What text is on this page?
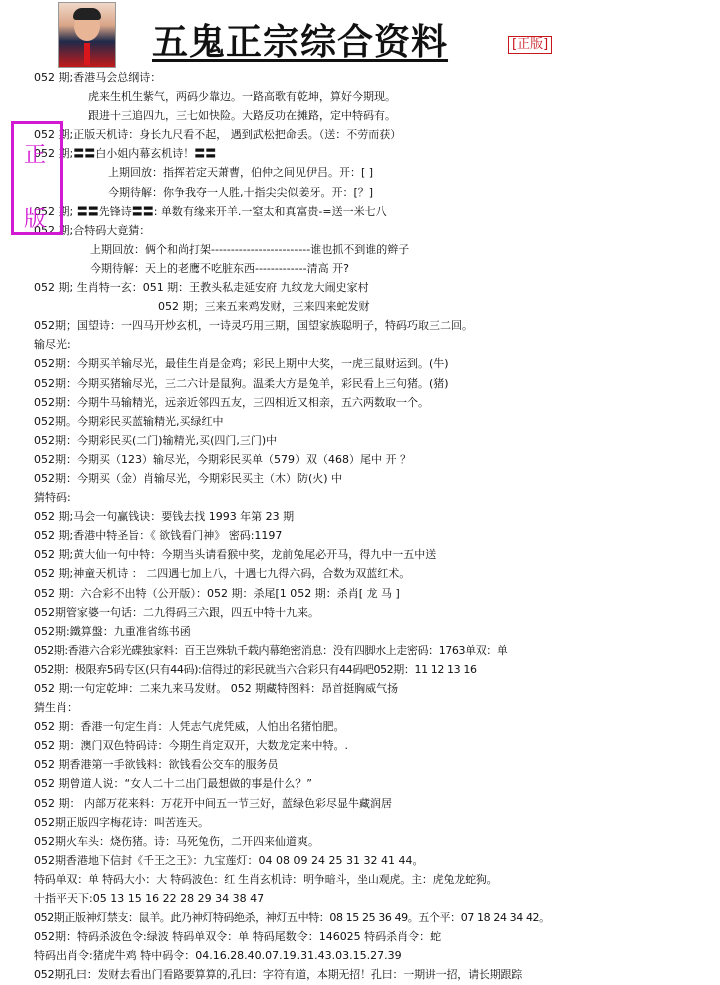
五鬼正宗综合资料	[正版]
052 期;香港马会总纲诗：
虎来生机生紫气，两码少靠边。一路高歌有乾坤，算好今期现。
跟进十三追四九，三七如快险。大路反功在摊路，定中特码有。
052 期;正版天机诗：身长九尺看不起， 遇到武松把命丢。（送：不劳而获）
052 期;〓〓白小姐内幕玄机诗！〓〓
上期回放：指挥若定天萧曹，伯仲之间见伊吕。开：[ ]
今期待解：你争我夺一人胜,十指尖尖似姜牙。开：[？]
052 期; 〓〓先锋诗〓〓: 单数有缘来开羊.一窒太和真富贵-=送一米七八
052 期;合特码大竟猜：
上期回放：俩个和尚打架-------------------------谁也抓不到谁的辫子
今期待解：天上的老鹰不吃脏东西-------------清高 开?
052 期; 生肖特一玄：051 期：王教头私走延安府 九纹龙大闹史家村
052 期；三来五来鸡发财，三来四来蛇发财
052期；国望诗：一四马开炒玄机，一诗灵巧用三期，国望家族聪明子，特码巧取三二回。
输尽光:
052期：今期买羊输尽光，最佳生肖是金鸡；彩民上期中大奖，一虎三鼠财运到。(牛)
052期：今期买猪输尽光，三二六计是鼠狗。温柔大方是兔羊，彩民看上三句猪。(猪)
052期：今期牛马输精光，远亲近邻四五友，三四相近又相亲，五六两数取一个。
052期。今期彩民买蓝输精光,买绿红中
052期：今期彩民买(二门)输精光,买(四门,三门)中
052期：今期买（123）输尽光，今期彩民买单（579）双（468）尾中 开 ？
052期：今期买（金）肖输尽光，今期彩民买主（木）防(火) 中
猜特码:
052 期;马会一句赢钱诀：要钱去找 1993 年第 23 期
052 期;香港中特圣旨：《 欲钱看门神》 密码:1197
052 期;黄大仙一句中特：今期当头请看猴中奖，龙前兔尾必开马，得九中一五中送
052 期;神童天机诗 ： 二四遇七加上八，十遇七九得六码，合数为双蓝红术。
052 期：六合彩不出特（公开版）：052 期：杀尾[1 052 期：杀肖[ 龙 马 ]
052期管家婆一句话：二九得码三六跟，四五中特十九来。
052期:鐵算盤：九重准省练书函
052期:香港六合彩光碟独家料：百王岂殊轨千载内幕绝密消息：没有四脚水上走密码：1763单双：单
052期：极限弃5码专区(只有44码):信得过的彩民就当六合彩只有44码吧052期：11 12 13 16
052 期:一句定乾坤：二来九来马发财。 052 期藏特图料：昂首挺胸威气扬
猜生肖：
052 期：香港一句定生肖：人凭志气虎凭威，人怕出名猪怕肥。
052 期：澳门双色特码诗：今期生肖定双开，大数龙定来中特。.
052 期香港第一手欲钱料：欲钱看公交车的服务员
052 期曾道人说：“女人二十二出门最想做的事是什么？”
052 期： 内部万花来料：万花开中间五一节三好，蓝绿色彩尽显牛藏润居
052期正版四字梅花诗：叫苦连天。
052期火车头：烧伤猪。诗：马死兔伤，二开四来仙道爽。
052期香港地下信封《千王之王》：九宝莲灯：04 08 09 24 25 31 32 41 44。
特码单双：单 特码大小：大 特码波色：红 生肖玄机诗：明争暗斗，坐山观虎。主：虎兔龙蛇狗。
十指平天下:05 13 15 16 22 28 29 34 38 47
052期正版神灯禁支：鼠羊。此乃神灯特码绝杀，神灯五中特：08 15 25 36 49。五个平：07 18 24 34 42。
052期：特码杀波色令:绿波 特码单双令：单 特码尾数令：146025 特码杀肖令：蛇
特码出肖令:猪虎牛鸡 特中码令：04.16.28.40.07.19.31.43.03.15.27.39
052期孔曰：发财去看出门看路要算算的,孔曰：字符有道，本期无招！孔曰：一期讲一招，请长期跟踪
正
版
